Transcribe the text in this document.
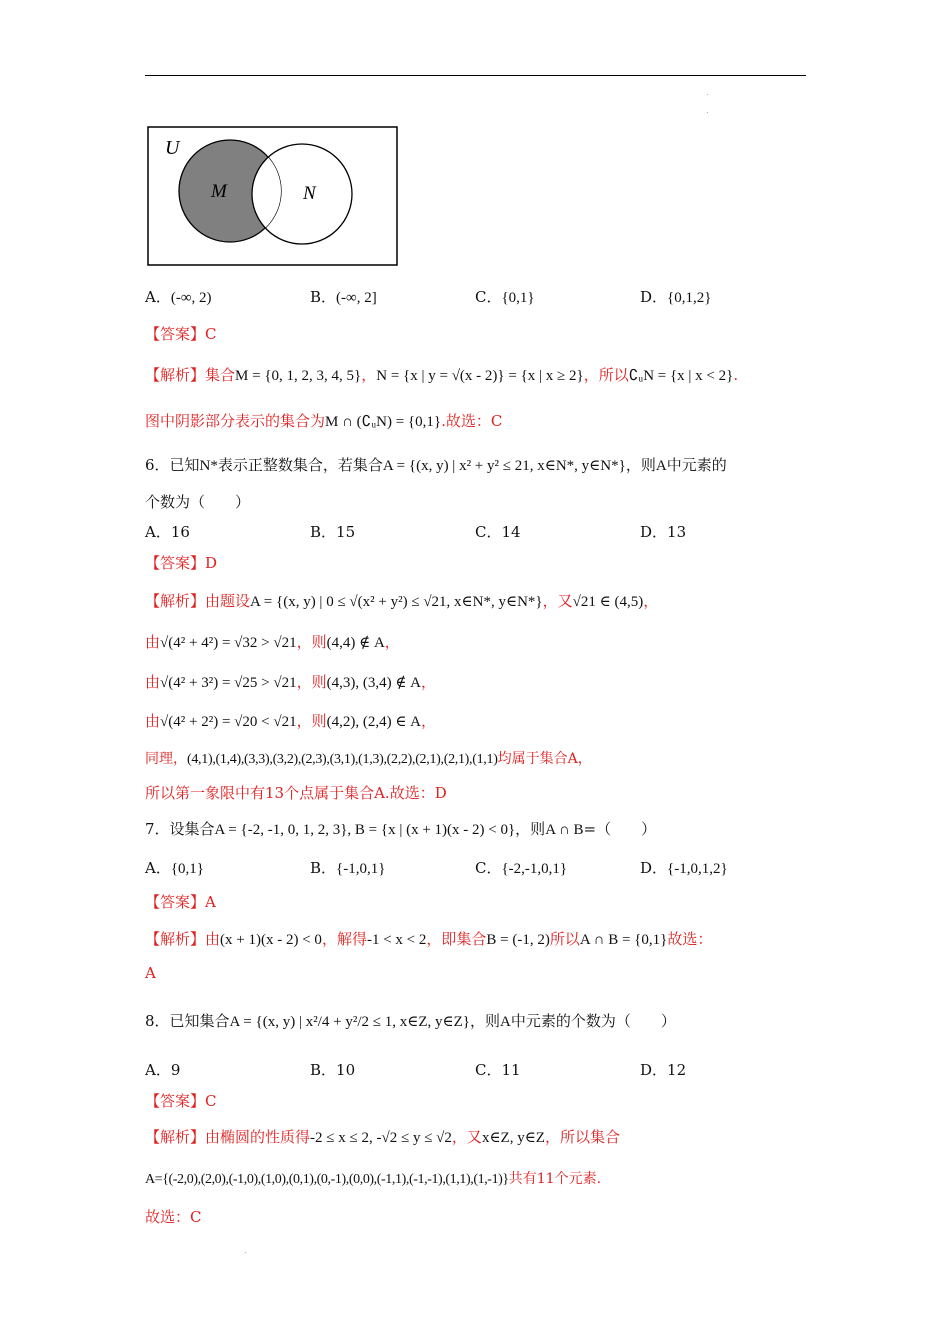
.
.
.
U
M	N
A．(-∞, 2)	B．(-∞, 2]	C．{0,1}	D．{0,1,2}
【答案】C
【解析】集合M = {0, 1, 2, 3, 4, 5}，N = {x | y = √(x - 2)} = {x | x ≥ 2}，所以∁ᵤN = {x | x < 2}.
图中阴影部分表示的集合为M ∩ (∁ᵤN) = {0,1}.故选：C
6．已知N*表示正整数集合，若集合A = {(x, y) | x² + y² ≤ 21, x∈N*, y∈N*}，则A中元素的
个数为（　　）
A．16	B．15	C．14	D．13
【答案】D
【解析】由题设A = {(x, y) | 0 ≤ √(x² + y²) ≤ √21, x∈N*, y∈N*}，又√21 ∈ (4,5)，
由√(4² + 4²) = √32 > √21，则(4,4) ∉ A，
由√(4² + 3²) = √25 > √21，则(4,3), (3,4) ∉ A，
由√(4² + 2²) = √20 < √21，则(4,2), (2,4) ∈ A，
同理，(4,1),(1,4),(3,3),(3,2),(2,3),(3,1),(1,3),(2,2),(2,1),(2,1),(1,1)均属于集合A，
所以第一象限中有13个点属于集合A.故选：D
7．设集合A = {-2, -1, 0, 1, 2, 3}, B = {x | (x + 1)(x - 2) < 0}，则A ∩ B=（　　）
A．{0,1}	B．{-1,0,1}	C．{-2,-1,0,1}	D．{-1,0,1,2}
【答案】A
【解析】由(x + 1)(x - 2) < 0，解得-1 < x < 2，即集合B = (-1, 2)所以A ∩ B = {0,1}故选：
A
8．已知集合A = {(x, y) | x²/4 + y²/2 ≤ 1, x∈Z, y∈Z}，则A中元素的个数为（　　）
A．9	B．10	C．11	D．12
【答案】C
【解析】由椭圆的性质得-2 ≤ x ≤ 2, -√2 ≤ y ≤ √2，又x∈Z, y∈Z，所以集合
A={(-2,0),(2,0),(-1,0),(1,0),(0,1),(0,-1),(0,0),(-1,1),(-1,-1),(1,1),(1,-1)}共有11个元素.
故选：C
